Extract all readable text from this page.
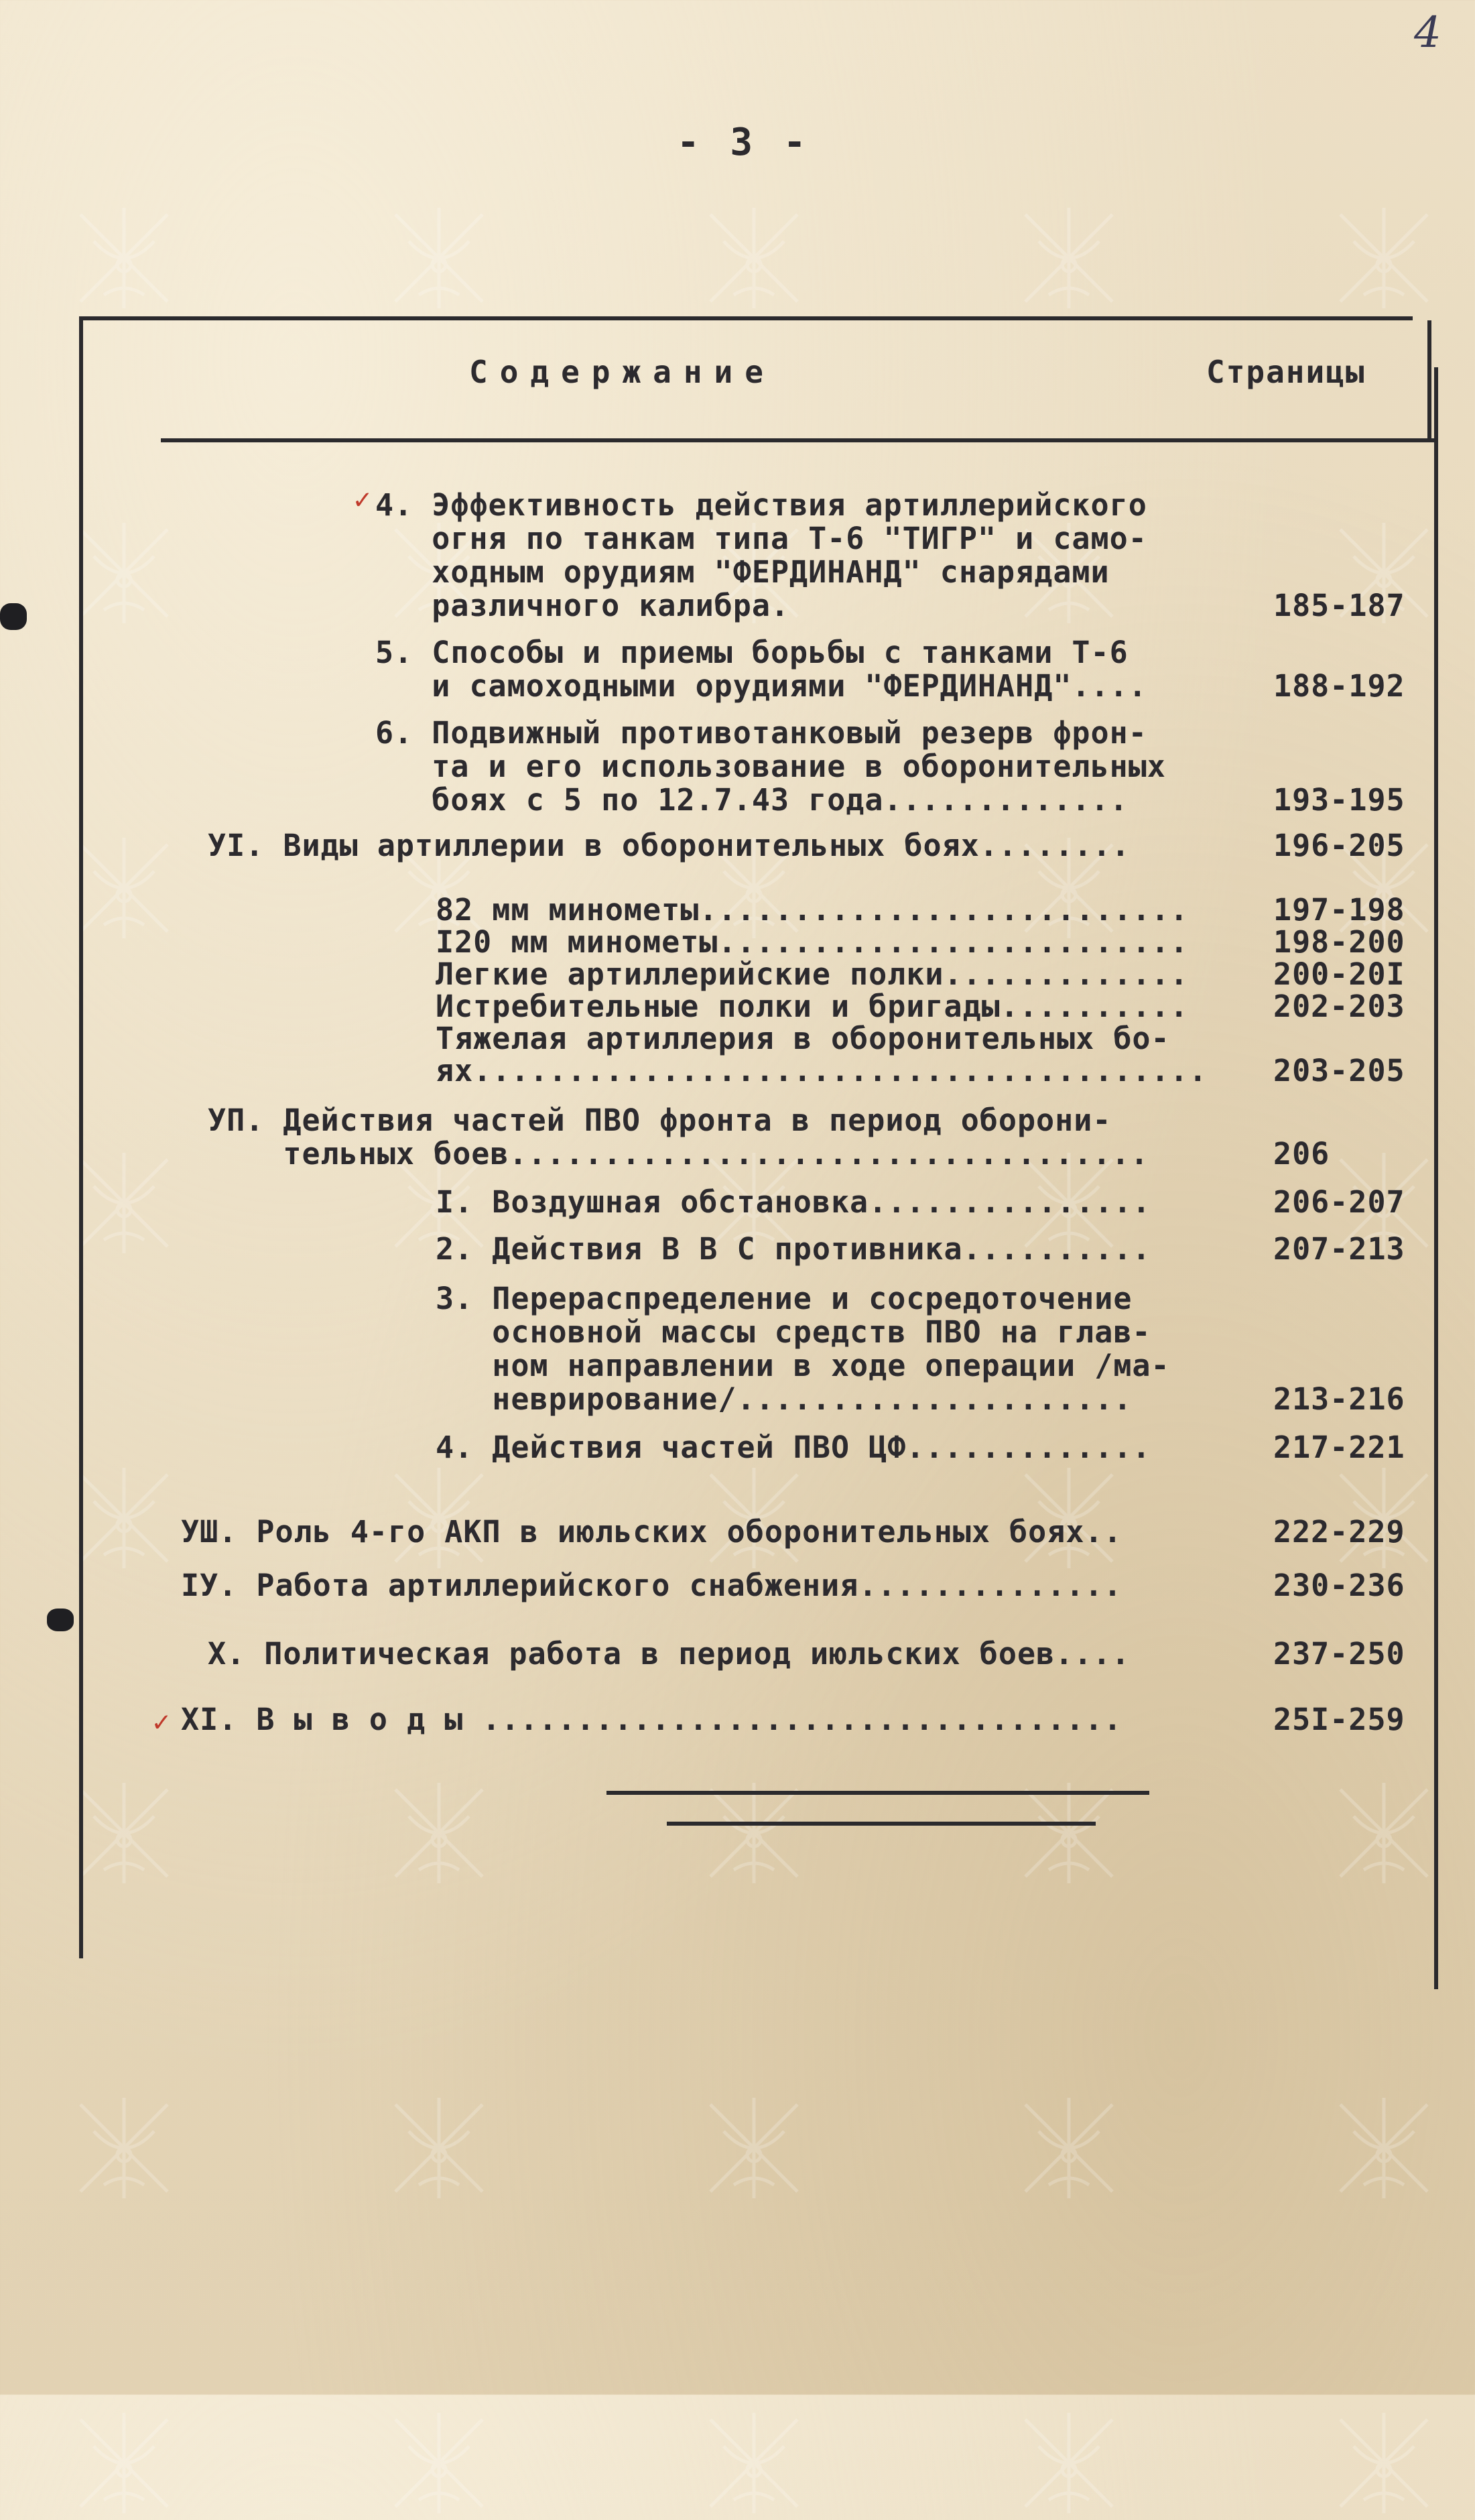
4
- 3 -
Содержание	Страницы
4. Эффективность действия артиллерийского
огня по танкам типа Т-6 "ТИГР" и само-
ходным орудиям "ФЕРДИНАНД" снарядами
различного калибра.	185-187
5. Способы и приемы борьбы с танками Т-6
и самоходными орудиями "ФЕРДИНАНД"....	188-192
6. Подвижный противотанковый резерв фрон-
та и его использование в оборонительных
боях с 5 по 12.7.43 года.............	193-195
УI. Виды артиллерии в оборонительных боях........	196-205
82 мм минометы..........................	197-198
I20 мм минометы.........................	198-200
Легкие артиллерийские полки.............	200-20I
Истребительные полки и бригады..........	202-203
Тяжелая артиллерия в оборонительных бо-
ях....................................... 203-205
УП. Действия частей ПВО фронта в период оборони-
тельных боев..................................	206
I. Воздушная обстановка...............	206-207
2. Действия В В С противника..........	207-213
3. Перераспределение и сосредоточение
основной массы средств ПВО на глав-
ном направлении в ходе операции /ма-
неврирование/.....................	213-216
4. Действия частей ПВО ЦФ.............	217-221
УШ. Роль 4-го АКП в июльских оборонительных боях..	222-229
IУ. Работа артиллерийского снабжения..............	230-236
X. Политическая работа в период июльских боев....	237-250
XI. В ы в о д ы ..................................	25I-259
✓
✓
